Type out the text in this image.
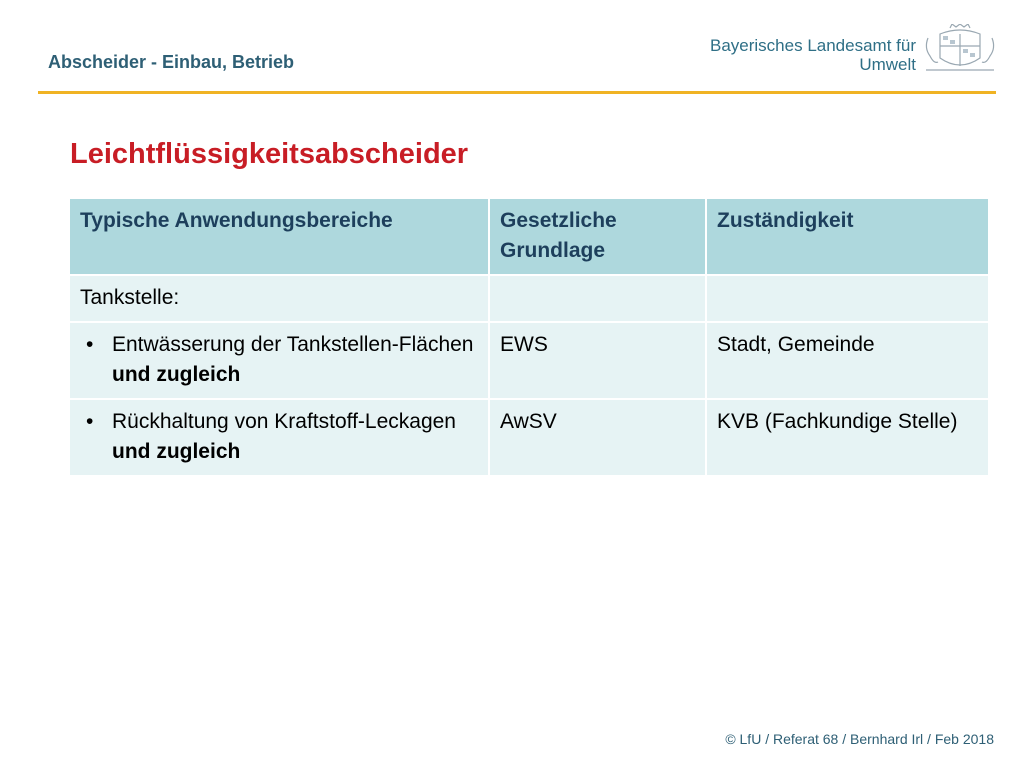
Abscheider - Einbau, Betrieb
Bayerisches Landesamt für
Umwelt
Leichtflüssigkeitsabscheider
Typische Anwendungsbereiche	Gesetzliche Grundlage	Zuständigkeit
Tankstelle:		

• Entwässerung der Tankstellen-Flächen und zugleich	EWS	Stadt, Gemeinde

• Rückhaltung von Kraftstoff-Leckagen und zugleich	AwSV	KVB (Fachkundige Stelle)
© LfU / Referat 68 / Bernhard Irl / Feb 2018
